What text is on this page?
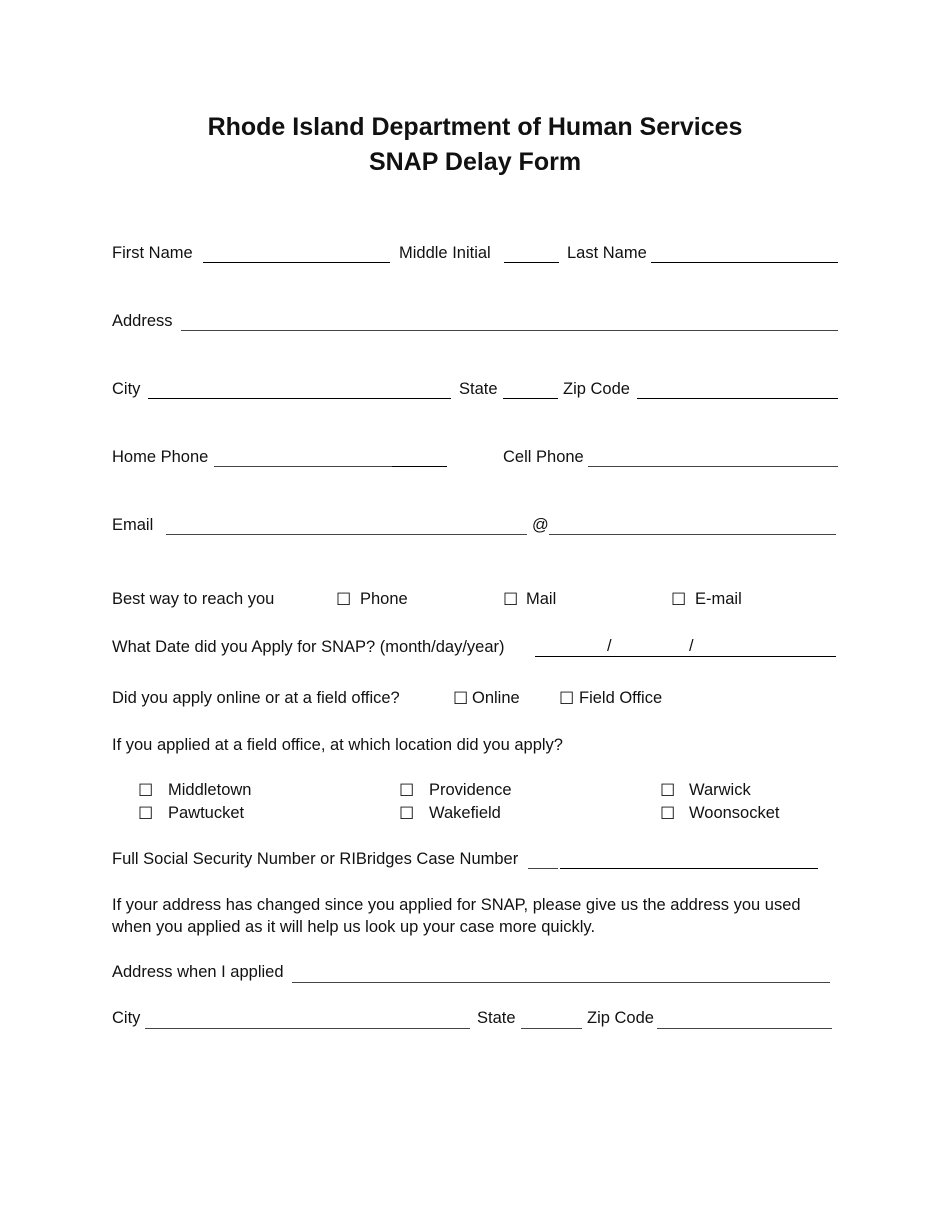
Rhode Island Department of Human Services
SNAP Delay Form
First Name	Middle Initial	Last Name
Address
City	State	Zip Code
Home Phone	Cell Phone
Email	@
Best way to reach you	☐ Phone	☐ Mail	☐ E-mail
What Date did you Apply for SNAP? (month/day/year)	/	/
Did you apply online or at a field office?	☐ Online ☐ Field Office
If you applied at a field office, at which location did you apply?
☐ Middletown	☐ Providence	☐ Warwick
☐ Pawtucket	☐ Wakefield	☐ Woonsocket
Full Social Security Number or RIBridges Case Number
If your address has changed since you applied for SNAP, please give us the address you used
when you applied as it will help us look up your case more quickly.
Address when I applied
City	State	Zip Code
